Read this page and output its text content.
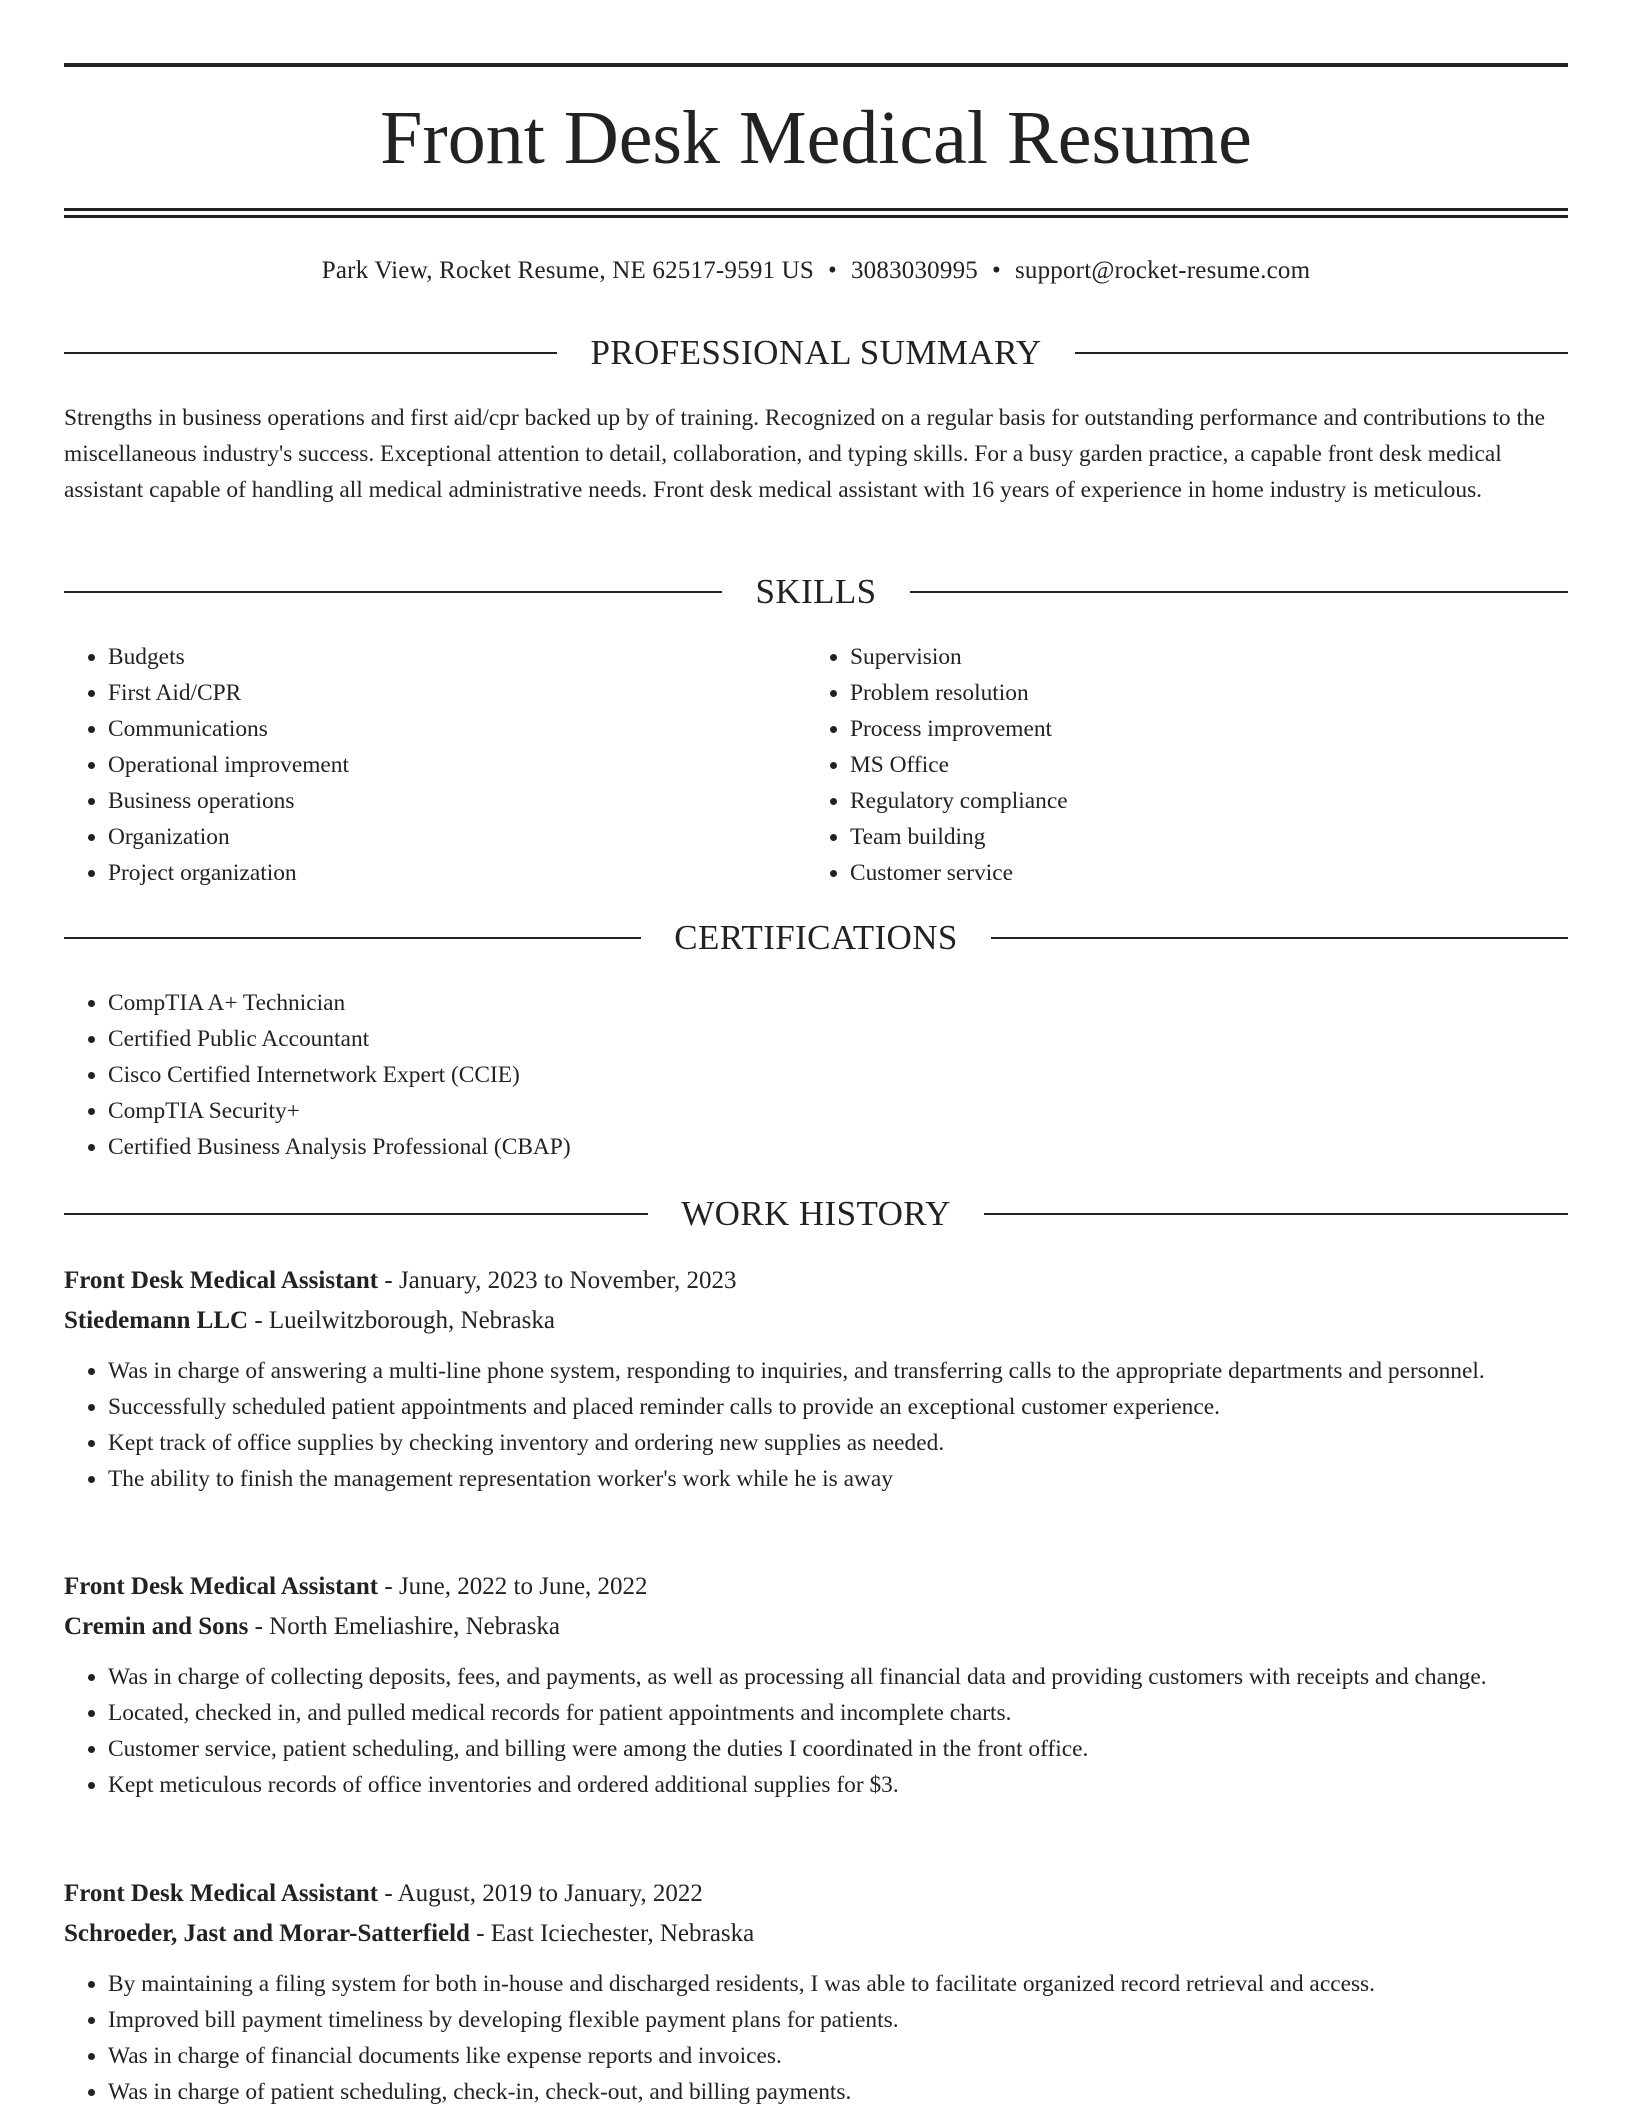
Front Desk Medical Resume
Park View, Rocket Resume, NE 62517-9591 US • 3083030995 • support@rocket-resume.com
PROFESSIONAL SUMMARY

Strengths in business operations and first aid/cpr backed up by of training. Recognized on a regular basis for outstanding performance and contributions to the miscellaneous industry's success. Exceptional attention to detail, collaboration, and typing skills. For a busy garden practice, a capable front desk medical assistant capable of handling all medical administrative needs. Front desk medical assistant with 16 years of experience in home industry is meticulous.

SKILLS
• Budgets
• First Aid/CPR
• Communications
• Operational improvement
• Business operations
• Organization
• Project organization
• Supervision
• Problem resolution
• Process improvement
• MS Office
• Regulatory compliance
• Team building
• Customer service
CERTIFICATIONS
• CompTIA A+ Technician
• Certified Public Accountant
• Cisco Certified Internetwork Expert (CCIE)
• CompTIA Security+
• Certified Business Analysis Professional (CBAP)
WORK HISTORY
Front Desk Medical Assistant - January, 2023 to November, 2023
Stiedemann LLC - Lueilwitzborough, Nebraska
• Was in charge of answering a multi-line phone system, responding to inquiries, and transferring calls to the appropriate departments and personnel.
• Successfully scheduled patient appointments and placed reminder calls to provide an exceptional customer experience.
• Kept track of office supplies by checking inventory and ordering new supplies as needed.
• The ability to finish the management representation worker's work while he is away
Front Desk Medical Assistant - June, 2022 to June, 2022
Cremin and Sons - North Emeliashire, Nebraska
• Was in charge of collecting deposits, fees, and payments, as well as processing all financial data and providing customers with receipts and change.
• Located, checked in, and pulled medical records for patient appointments and incomplete charts.
• Customer service, patient scheduling, and billing were among the duties I coordinated in the front office.
• Kept meticulous records of office inventories and ordered additional supplies for $3.
Front Desk Medical Assistant - August, 2019 to January, 2022
Schroeder, Jast and Morar-Satterfield - East Iciechester, Nebraska
• By maintaining a filing system for both in-house and discharged residents, I was able to facilitate organized record retrieval and access.
• Improved bill payment timeliness by developing flexible payment plans for patients.
• Was in charge of financial documents like expense reports and invoices.
• Was in charge of patient scheduling, check-in, check-out, and billing payments.
